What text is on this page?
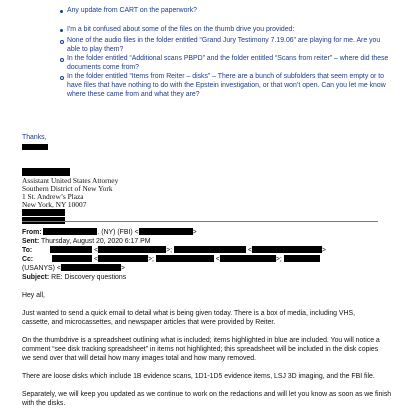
Any update from CART on the paperwork?
I'm a bit confused about some of the files on the thumb drive you provided:
None of the audio files in the folder entitled “Grand Jury Testimony 7.19.06” are playing for me. Are you
able to play them?
In the folder entitled “Additional scans PBPD” and the folder entitled “Scans from reiter” – where did these
documents come from?
In the folder entitled “Items from Reiter – disks” – There are a bunch of subfolders that seem empty or to
have files that have nothing to do with the Epstein investigation, or that won’t open. Can you let me know
where these came from and what they are?
Thanks,
Assistant United States Attorney
Southern District of New York
1 St. Andrew’s Plaza
New York, NY 10007
From:	. (NY) (FBI) <	>
Sent: Thursday, August 20, 2020 6:17 PM
To:	<	>;	<	>
Cc:	<	>;	<	>;
(USANYS) <	>
Subject: RE: Discovery questions
Hey all,
Just wanted to send a quick email to detail what is being given today. There is a box of media, including VHS, cassette, and microcassettes, and newspaper articles that were provided by Reiter.
On the thumbdrive is a spreadsheet outlining what is included; items highlighted in blue are included. You will notice a comment “see disk tracking spreadsheet” in items not highlighted; this spreadsheet will be included in the disk copies we send over that will detail how many images total and how many removed.
There are loose disks which include 1B evidence scans, 1D1-1D5 evidence items, LSJ 3D imaging, and the FBI file.
Separately, we will keep you updated as we continue to work on the redactions and will let you know as soon as we finish
with the disks.
